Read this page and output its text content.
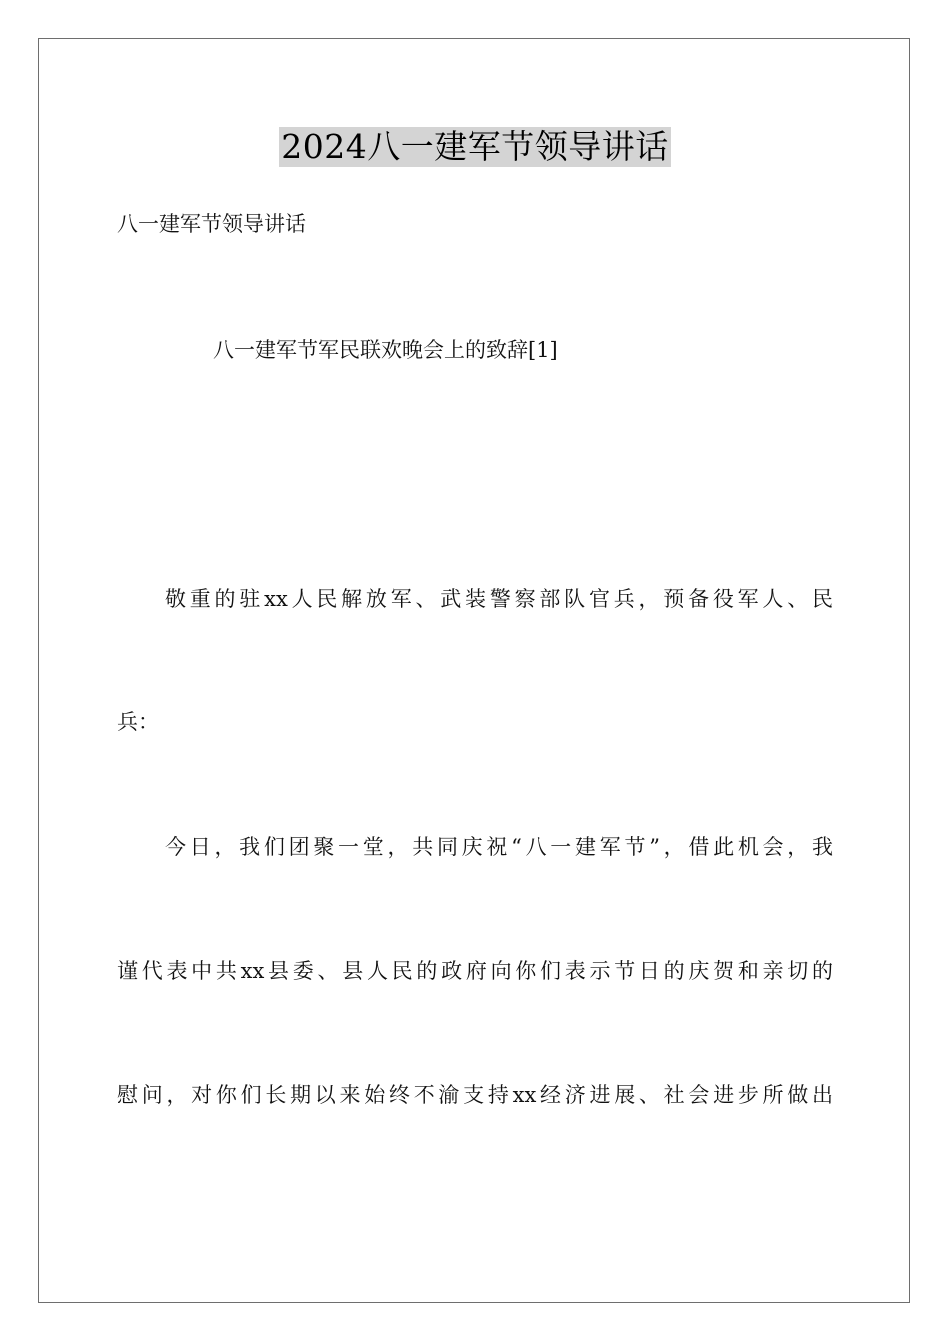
2024八一建军节领导讲话
八一建军节领导讲话
八一建军节军民联欢晚会上的致辞[1]
敬重的驻xx人民解放军、武装警察部队官兵，预备役军人、民
兵：
今日，我们团聚一堂，共同庆祝“八一建军节”，借此机会，我
谨代表中共xx县委、县人民的政府向你们表示节日的庆贺和亲切的
慰问，对你们长期以来始终不渝支持xx经济进展、社会进步所做出
